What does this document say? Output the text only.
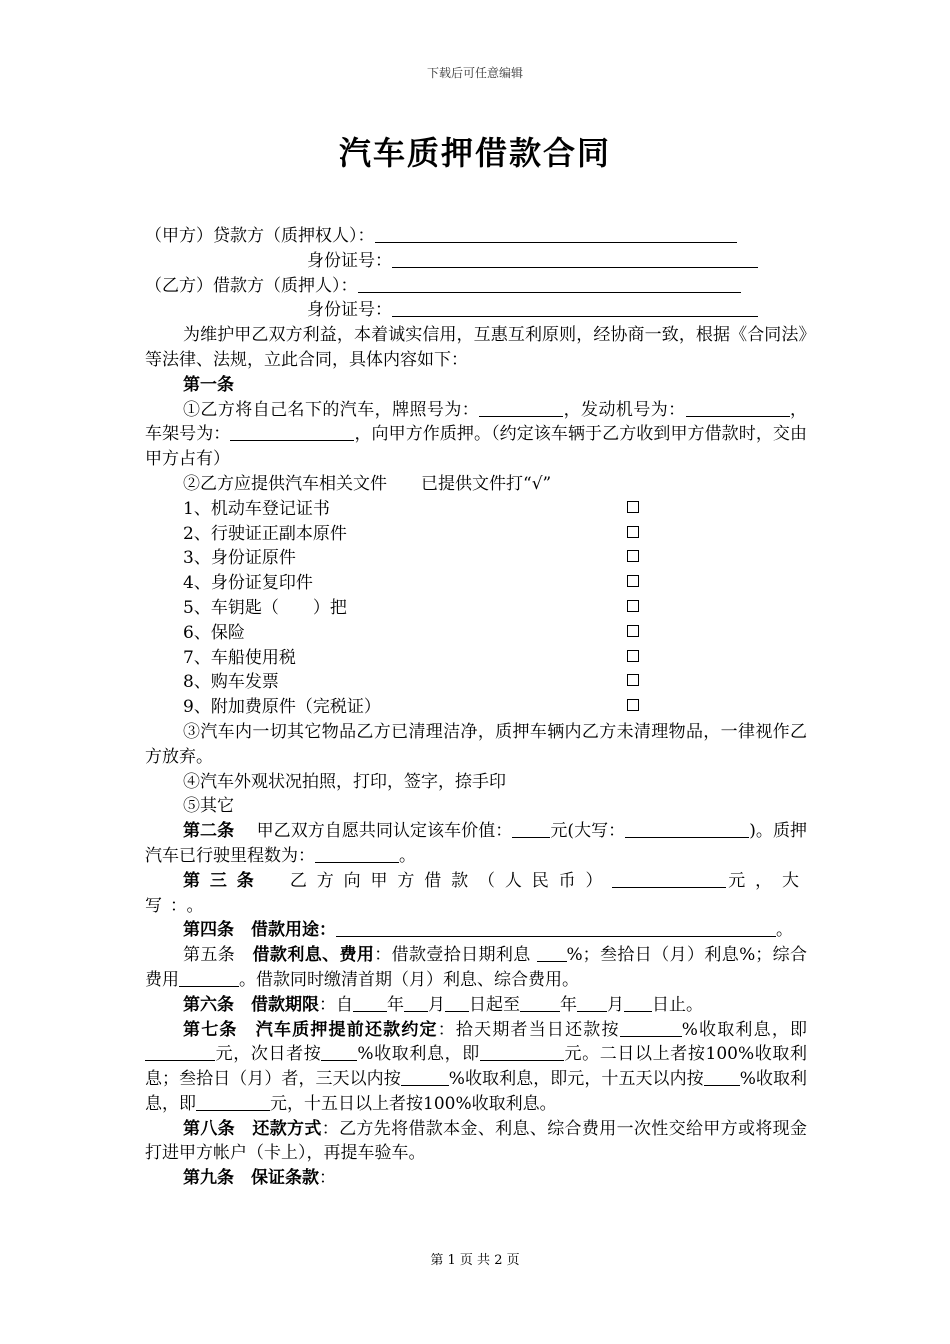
下载后可任意编辑
汽车质押借款合同
（甲方）贷款方（质押权人）：
身份证号：
（乙方）借款方（质押人）：
身份证号：
为维护甲乙双方利益，本着诚实信用，互惠互利原则，经协商一致，根据《合同法》等法律、法规，立此合同，具体内容如下：
第一条
①乙方将自己名下的汽车，牌照号为：	，发动机号为：	，车架号为：	，向甲方作质押。（约定该车辆于乙方收到甲方借款时，交由甲方占有）
②乙方应提供汽车相关文件　　已提供文件打“√”
1、机动车登记证书
2、行驶证正副本原件
3、身份证原件
4、身份证复印件
5、车钥匙（　　）把
6、保险
7、车船使用税
8、购车发票
9、附加费原件（完税证）
③汽车内一切其它物品乙方已清理洁净，质押车辆内乙方未清理物品，一律视作乙方放弃。
④汽车外观状况拍照，打印，签字，捺手印
⑤其它
第二条　 甲乙双方自愿共同认定该车价值： 元(大写：	)。质押汽车已行驶里程数为：	。
第三条　 乙方向甲方借款（人民币）	元，大写：。
第四条　借款用途：	。
第五条　 借款利息、费用：借款壹拾日期利息 %；叁拾日（月）利息%；综合费用	。借款同时缴清首期（月）利息、综合费用。
第六条　借款期限：自 年 月 日起至 年 月 日止。
第七条　汽车质押提前还款约定：拾天期者当日还款按	%收取利息，即元，次日者按 %收取利息，即	元。二日以上者按100%收取利息；叁拾日（月）者，三天以内按	%收取利息，即元，十五天以内按 %收取利息，即	元，十五日以上者按100%收取利息。
第八条　还款方式：乙方先将借款本金、利息、综合费用一次性交给甲方或将现金打进甲方帐户（卡上），再提车验车。
第九条　保证条款：
第 1 页 共 2 页
